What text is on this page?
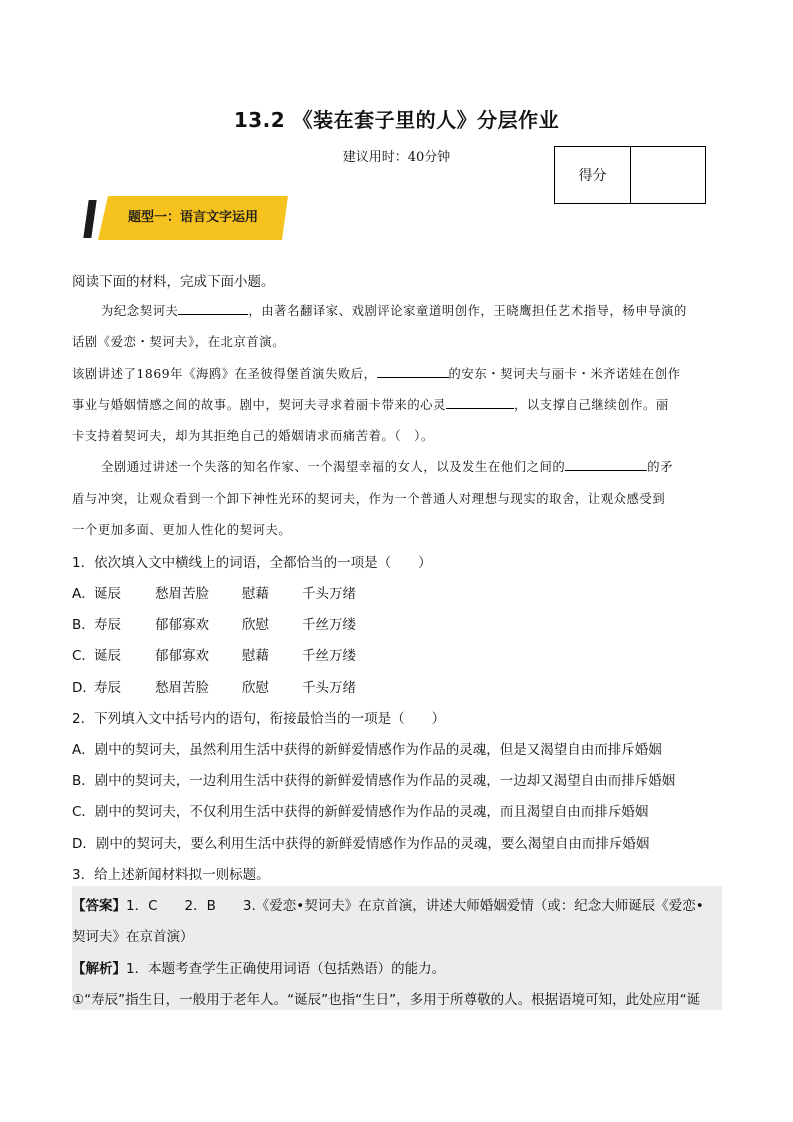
13.2 《装在套子里的人》分层作业
建议用时：40分钟
得分
题型一：语言文字运用
阅读下面的材料，完成下面小题。
为纪念契诃夫	，由著名翻译家、戏剧评论家童道明创作，王晓鹰担任艺术指导，杨申导演的
话剧《爱恋・契诃夫》，在北京首演。
该剧讲述了1869年《海鸥》在圣彼得堡首演失败后，	的安东・契诃夫与丽卡・米齐诺娃在创作
事业与婚姻情感之间的故事。剧中，契诃夫寻求着丽卡带来的心灵	，以支撑自己继续创作。丽
卡支持着契诃夫，却为其拒绝自己的婚姻请求而痛苦着。（　）。
全剧通过讲述一个失落的知名作家、一个渴望幸福的女人，以及发生在他们之间的	的矛
盾与冲突，让观众看到一个卸下神性光环的契诃夫，作为一个普通人对理想与现实的取舍，让观众感受到
一个更加多面、更加人性化的契诃夫。
1．依次填入文中横线上的词语，全都恰当的一项是（　　）
A． 诞辰	愁眉苦脸 慰藉 千头万绪
B． 寿辰	郁郁寡欢 欣慰 千丝万缕
C． 诞辰	郁郁寡欢 慰藉 千丝万缕
D．
寿辰	愁眉苦脸 欣慰 千头万绪
2．下列填入文中括号内的语句，衔接最恰当的一项是（　　）
A．剧中的契诃夫，虽然利用生活中获得的新鲜爱情感作为作品的灵魂，但是又渴望自由而排斥婚姻
B．剧中的契诃夫，一边利用生活中获得的新鲜爱情感作为作品的灵魂，一边却又渴望自由而排斥婚姻
C．剧中的契诃夫，不仅利用生活中获得的新鲜爱情感作为作品的灵魂，而且渴望自由而排斥婚姻
D．剧中的契诃夫，要么利用生活中获得的新鲜爱情感作为作品的灵魂，要么渴望自由而排斥婚姻
3．给上述新闻材料拟一则标题。
【答案】1．C　　2．B　　3.《爱恋•契诃夫》在京首演，讲述大师婚姻爱情（或：纪念大师诞辰《爱恋•
契诃夫》在京首演）
【解析】1．本题考查学生正确使用词语（包括熟语）的能力。
①“寿辰”指生日，一般用于老年人。“诞辰”也指“生日”，多用于所尊敬的人。根据语境可知，此处应用“诞
